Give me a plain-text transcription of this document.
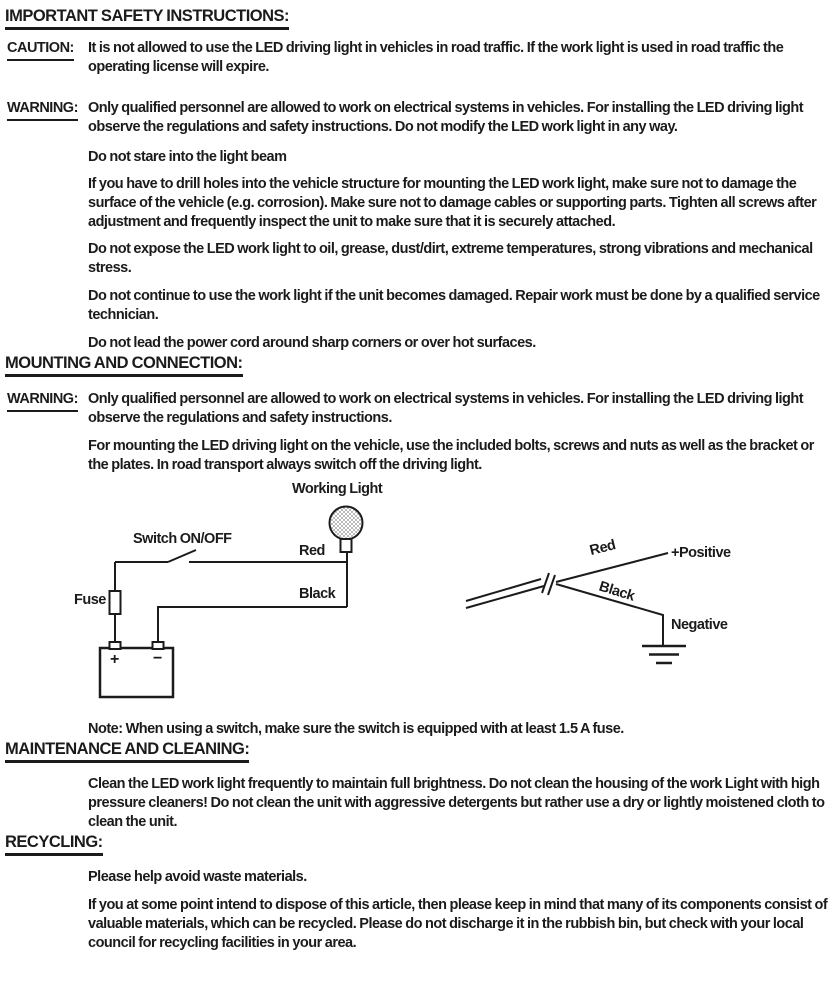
IMPORTANT SAFETY INSTRUCTIONS:

CAUTION: It is not allowed to use the LED driving light in vehicles in road traffic. If the work light is used in road traffic the operating license will expire.

WARNING: Only qualified personnel are allowed to work on electrical systems in vehicles. For installing the LED driving light observe the regulations and safety instructions. Do not modify the LED work light in any way.

Do not stare into the light beam

If you have to drill holes into the vehicle structure for mounting the LED work light, make sure not to damage the surface of the vehicle (e.g. corrosion). Make sure not to damage cables or supporting parts. Tighten all screws after adjustment and frequently inspect the unit to make sure that it is securely attached.

Do not expose the LED work light to oil, grease, dust/dirt, extreme temperatures, strong vibrations and mechanical stress.

Do not continue to use the work light if the unit becomes damaged. Repair work must be done by a qualified service technician.

Do not lead the power cord around sharp corners or over hot surfaces.

MOUNTING AND CONNECTION:

WARNING: Only qualified personnel are allowed to work on electrical systems in vehicles. For installing the LED driving light observe the regulations and safety instructions.

For mounting the LED driving light on the vehicle, use the included bolts, screws and nuts as well as the bracket or the plates. In road transport always switch off the driving light.

Working Light
Switch ON/OFF
Red
Black
Fuse
+ −
Red	+Positive
Black
Negative

Note: When using a switch, make sure the switch is equipped with at least 1.5 A fuse.

MAINTENANCE AND CLEANING:

Clean the LED work light frequently to maintain full brightness. Do not clean the housing of the work Light with high pressure cleaners! Do not clean the unit with aggressive detergents but rather use a dry or lightly moistened cloth to clean the unit.

RECYCLING:

Please help avoid waste materials.

If you at some point intend to dispose of this article, then please keep in mind that many of its components consist of valuable materials, which can be recycled. Please do not discharge it in the rubbish bin, but check with your local council for recycling facilities in your area.
